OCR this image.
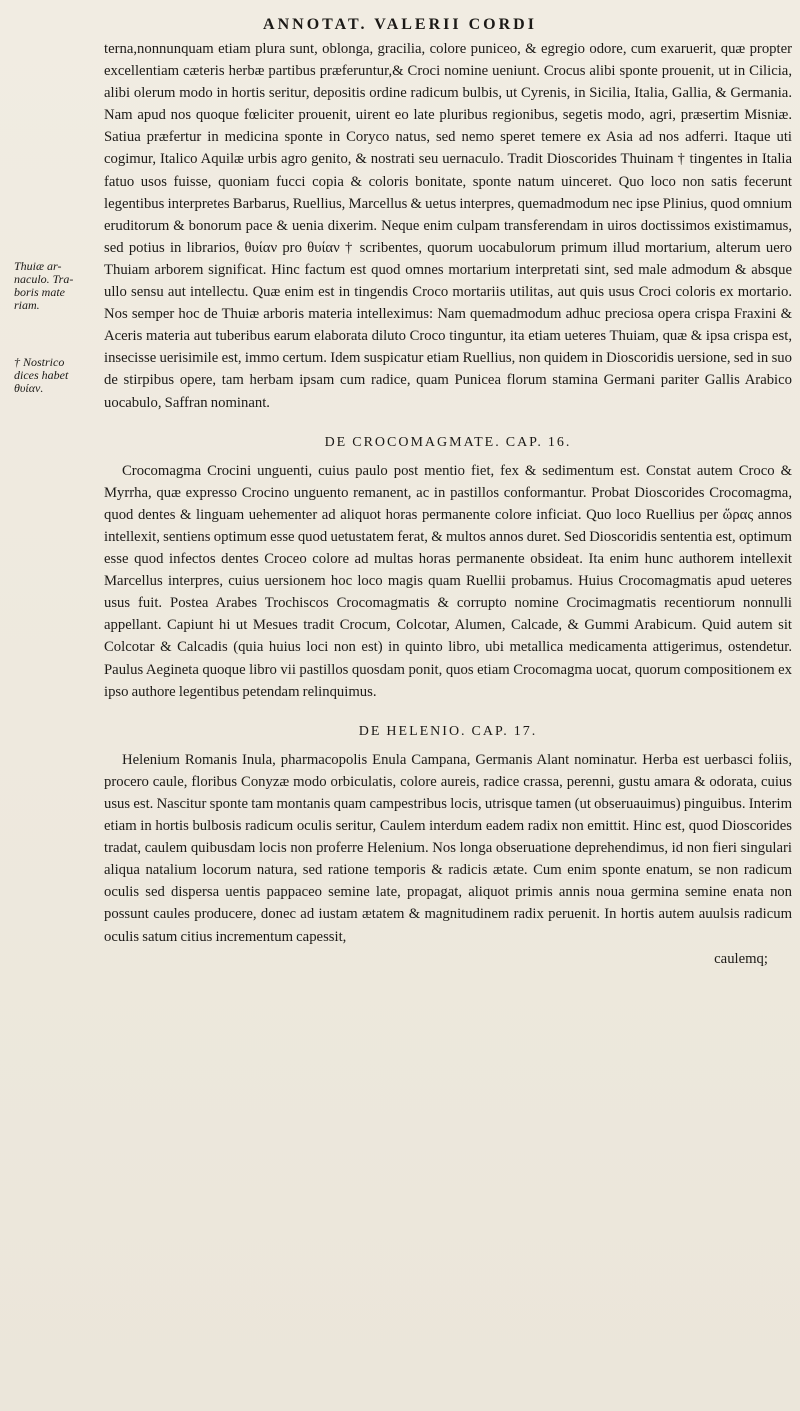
ANNOTAT. VALERII CORDI
Thuiæ ar-
naculo. Tra-
boris mate
riam.
† Nostrico
dices habet
θυίαν.

terna,nonnunquam etiam plura sunt, oblonga, gracilia, colore puniceo, & egregio odore, cum exaruerit, quæ propter excellentiam cæteris herbæ partibus præferuntur,& Croci nomine ueniunt. Crocus alibi sponte prouenit, ut in Cilicia, alibi olerum modo in hortis seritur, depositis ordine radicum bulbis, ut Cyrenis, in Sicilia, Italia, Gallia, & Germania. Nam apud nos quoque fœliciter prouenit, uirent eo late pluribus regionibus, segetis modo, agri, præsertim Misniæ. Satiua præfertur in medicina sponte in Coryco natus, sed nemo speret temere ex Asia ad nos adferri. Itaque uti cogimur, Italico Aquilæ urbis agro genito, & nostrati seu uernaculo. Tradit Dioscorides Thuinam † tingentes in Italia fatuo usos fuisse, quoniam fucci copia & coloris bonitate, sponte natum uinceret. Quo loco non satis fecerunt legentibus interpretes Barbarus, Ruellius, Marcellus & uetus interpres, quemadmodum nec ipse Plinius, quod omnium eruditorum & bonorum pace & uenia dixerim. Neque enim culpam transferendam in uiros doctissimos existimamus, sed potius in librarios, θυίαν pro θυίαν † scribentes, quorum uocabulorum primum illud mortarium, alterum uero Thuiam arborem significat. Hinc factum est quod omnes mortarium interpretati sint, sed male admodum & absque ullo sensu aut intellectu. Quæ enim est in tingendis Croco mortariis utilitas, aut quis usus Croci coloris ex mortario. Nos semper hoc de Thuiæ arboris materia intelleximus: Nam quemadmodum adhuc preciosa opera crispa Fraxini & Aceris materia aut tuberibus earum elaborata diluto Croco tinguntur, ita etiam ueteres Thuiam, quæ & ipsa crispa est, insecisse uerisimile est, immo certum. Idem suspicatur etiam Ruellius, non quidem in Dioscoridis uersione, sed in suo de stirpibus opere, tam herbam ipsam cum radice, quam Punicea florum stamina Germani pariter Gallis Arabico uocabulo, Saffran nominant.

DE CROCOMAGMATE. CAP. 16.

Crocomagma Crocini unguenti, cuius paulo post mentio fiet, fex & sedimentum est. Constat autem Croco & Myrrha, quæ expresso Crocino unguento remanent, ac in pastillos conformantur. Probat Dioscorides Crocomagma, quod dentes & linguam uehementer ad aliquot horas permanente colore inficiat. Quo loco Ruellius per ὥρας annos intellexit, sentiens optimum esse quod uetustatem ferat, & multos annos duret. Sed Dioscoridis sententia est, optimum esse quod infectos dentes Croceo colore ad multas horas permanente obsideat. Ita enim hunc authorem intellexit Marcellus interpres, cuius uersionem hoc loco magis quam Ruellii probamus. Huius Crocomagmatis apud ueteres usus fuit. Postea Arabes Trochiscos Crocomagmatis & corrupto nomine Crocimagmatis recentiorum nonnulli appellant. Capiunt hi ut Mesues tradit Crocum, Colcotar, Alumen, Calcade, & Gummi Arabicum. Quid autem sit Colcotar & Calcadis (quia huius loci non est) in quinto libro, ubi metallica medicamenta attigerimus, ostendetur. Paulus Aegineta quoque libro vii pastillos quosdam ponit, quos etiam Crocomagma uocat, quorum compositionem ex ipso authore legentibus petendam relinquimus.

DE HELENIO. CAP. 17.

Helenium Romanis Inula, pharmacopolis Enula Campana, Germanis Alant nominatur. Herba est uerbasci foliis, procero caule, floribus Conyzæ modo orbiculatis, colore aureis, radice crassa, perenni, gustu amara & odorata, cuius usus est. Nascitur sponte tam montanis quam campestribus locis, utrisque tamen (ut obseruauimus) pinguibus. Interim etiam in hortis bulbosis radicum oculis seritur, Caulem interdum eadem radix non emittit. Hinc est, quod Dioscorides tradat, caulem quibusdam locis non proferre Helenium. Nos longa obseruatione deprehendimus, id non fieri singulari aliqua natalium locorum natura, sed ratione temporis & radicis ætate. Cum enim sponte enatum, se non radicum oculis sed dispersa uentis pappaceo semine late, propagat, aliquot primis annis noua germina semine enata non possunt caules producere, donec ad iustam ætatem & magnitudinem radix peruenit. In hortis autem auulsis radicum oculis satum citius incrementum capessit,

caulemq;
